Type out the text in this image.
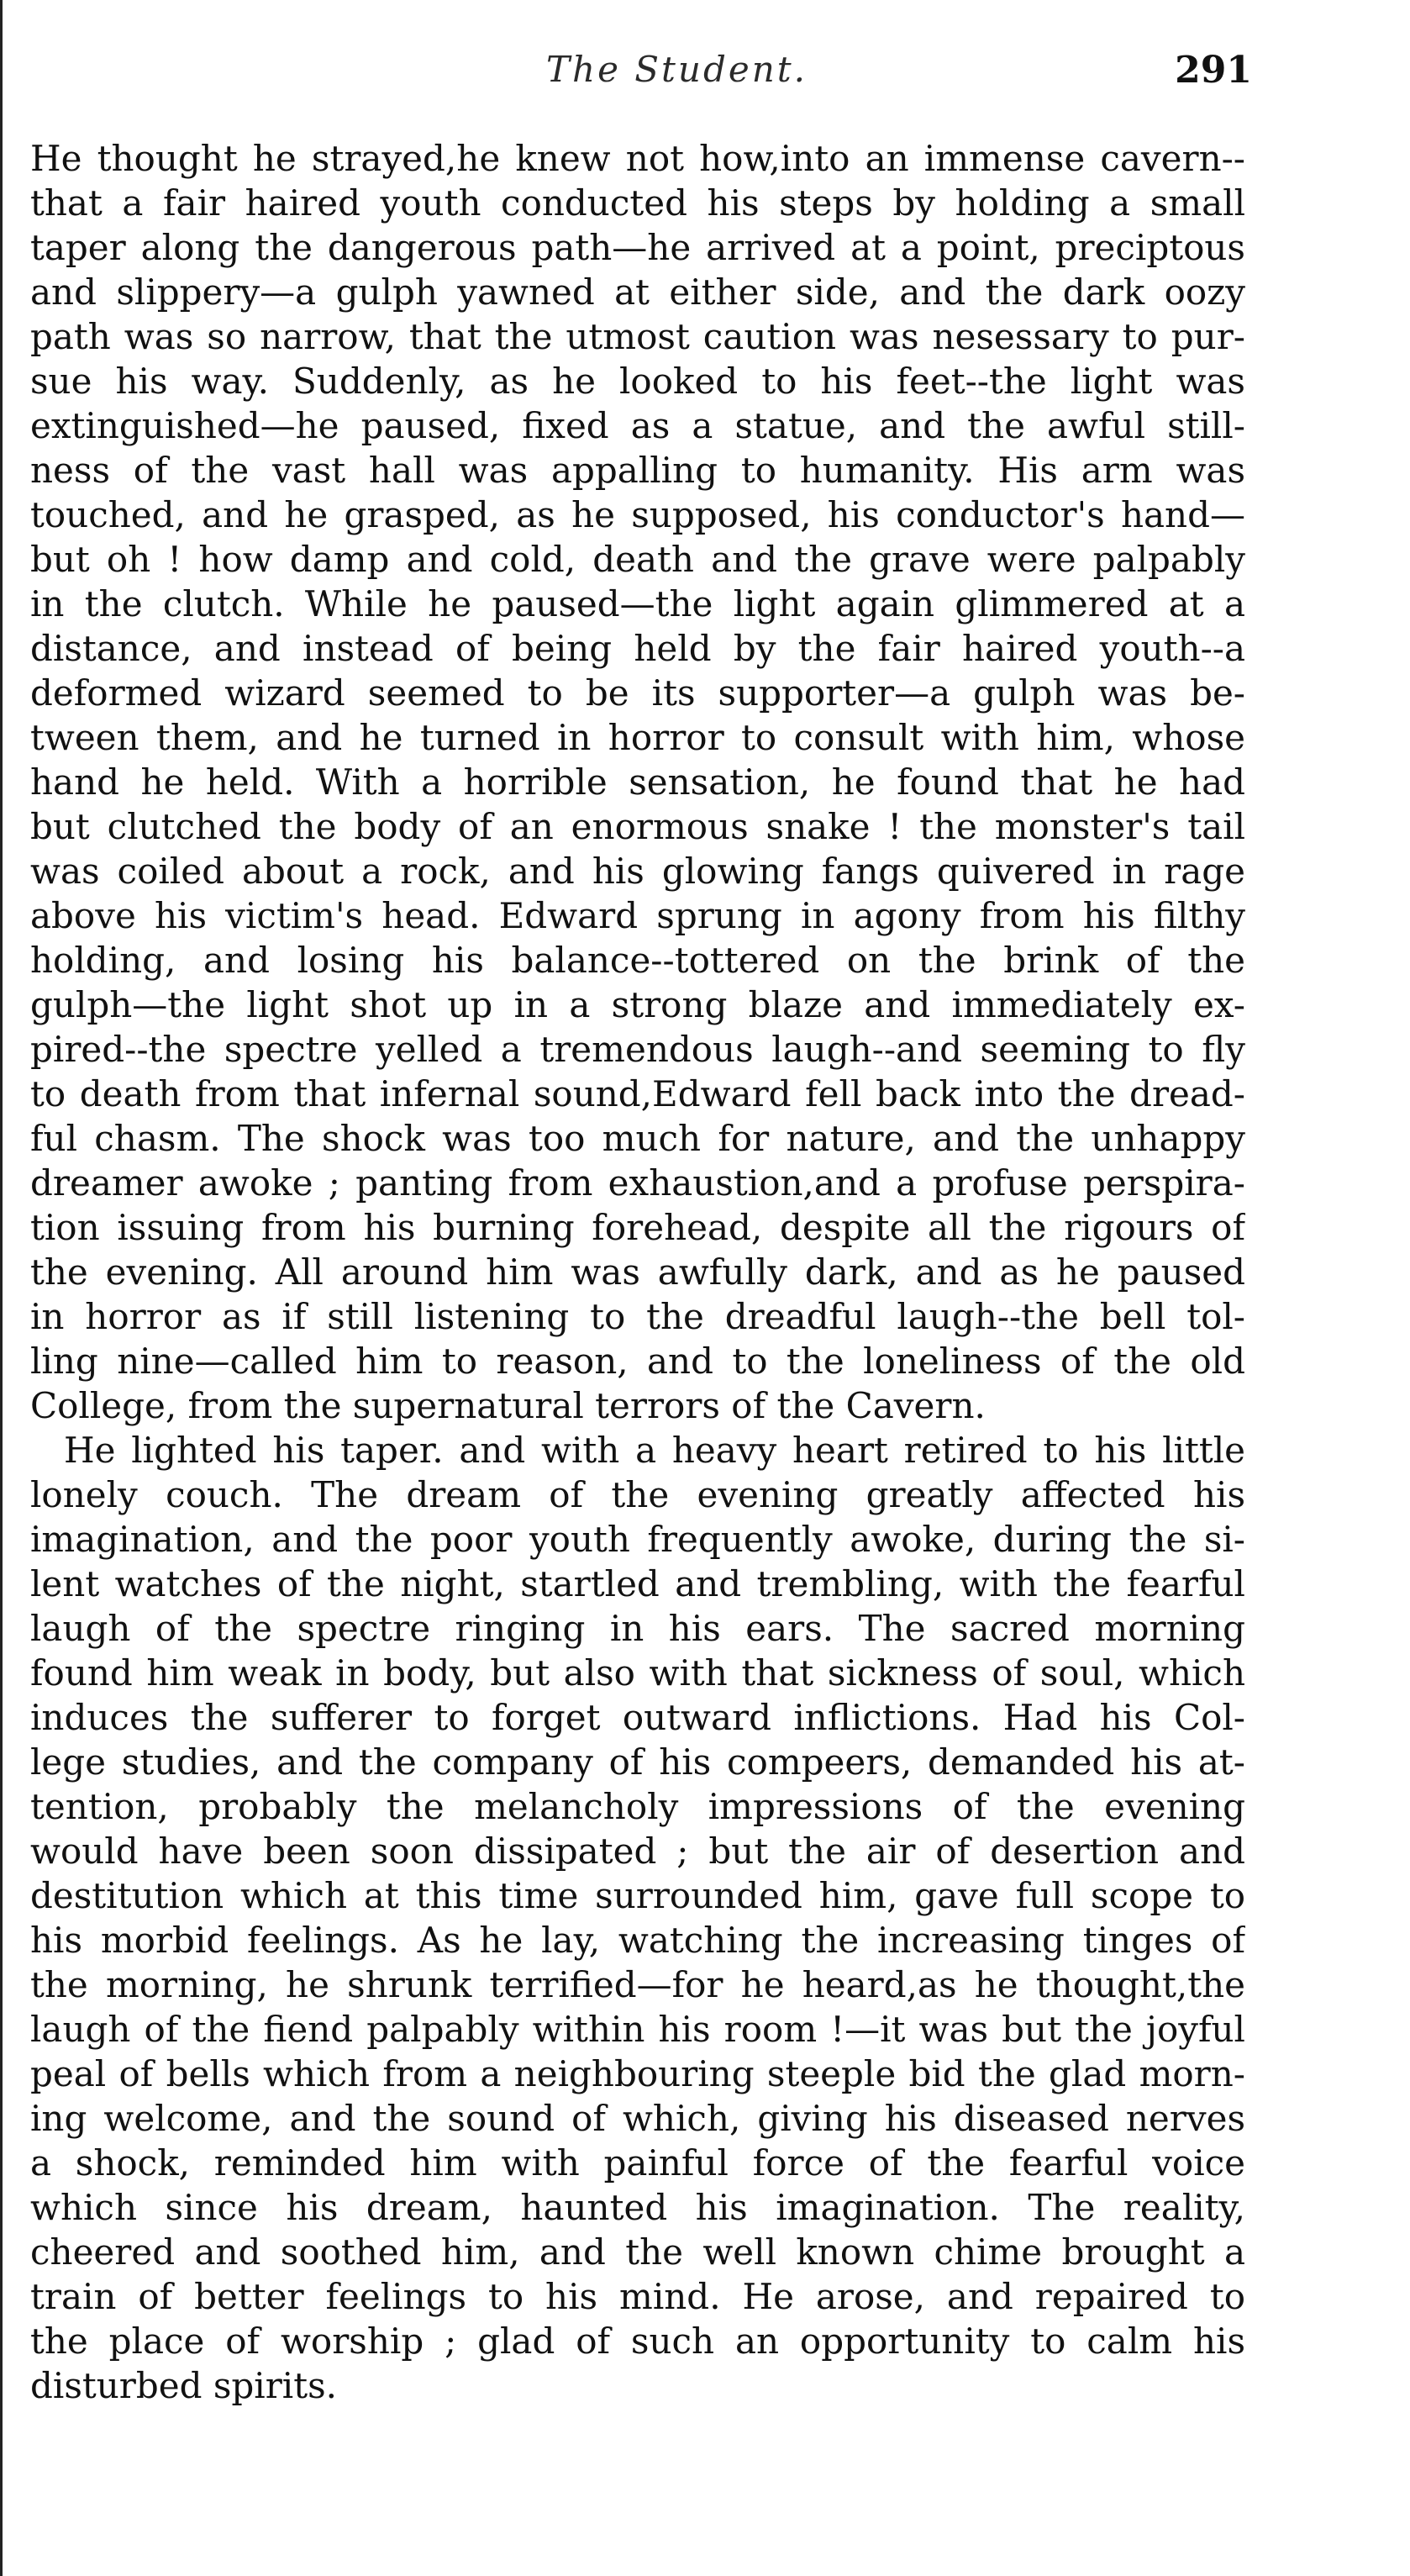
The Student.	291
He thought he strayed,he knew not how,into an immense cavern--
that a fair haired youth conducted his steps by holding a small
taper along the dangerous path—he arrived at a point, preciptous
and slippery—a gulph yawned at either side, and the dark oozy
path was so narrow, that the utmost caution was nesessary to pur-
sue his way. Suddenly, as he looked to his feet--the light was
extinguished—he paused, fixed as a statue, and the awful still-
ness of the vast hall was appalling to humanity. His arm was
touched, and he grasped, as he supposed, his conductor's hand—
but oh ! how damp and cold, death and the grave were palpably
in the clutch. While he paused—the light again glimmered at a
distance, and instead of being held by the fair haired youth--a
deformed wizard seemed to be its supporter—a gulph was be-
tween them, and he turned in horror to consult with him, whose
hand he held. With a horrible sensation, he found that he had
but clutched the body of an enormous snake ! the monster's tail
was coiled about a rock, and his glowing fangs quivered in rage
above his victim's head. Edward sprung in agony from his filthy
holding, and losing his balance--tottered on the brink of the
gulph—the light shot up in a strong blaze and immediately ex-
pired--the spectre yelled a tremendous laugh--and seeming to fly
to death from that infernal sound,Edward fell back into the dread-
ful chasm. The shock was too much for nature, and the unhappy
dreamer awoke ; panting from exhaustion,and a profuse perspira-
tion issuing from his burning forehead, despite all the rigours of
the evening. All around him was awfully dark, and as he paused
in horror as if still listening to the dreadful laugh--the bell tol-
ling nine—called him to reason, and to the loneliness of the old
College, from the supernatural terrors of the Cavern.
He lighted his taper. and with a heavy heart retired to his little
lonely couch. The dream of the evening greatly affected his
imagination, and the poor youth frequently awoke, during the si-
lent watches of the night, startled and trembling, with the fearful
laugh of the spectre ringing in his ears. The sacred morning
found him weak in body, but also with that sickness of soul, which
induces the sufferer to forget outward inflictions. Had his Col-
lege studies, and the company of his compeers, demanded his at-
tention, probably the melancholy impressions of the evening
would have been soon dissipated ; but the air of desertion and
destitution which at this time surrounded him, gave full scope to
his morbid feelings. As he lay, watching the increasing tinges of
the morning, he shrunk terrified—for he heard,as he thought,the
laugh of the fiend palpably within his room !—it was but the joyful
peal of bells which from a neighbouring steeple bid the glad morn-
ing welcome, and the sound of which, giving his diseased nerves
a shock, reminded him with painful force of the fearful voice
which since his dream, haunted his imagination. The reality,
cheered and soothed him, and the well known chime brought a
train of better feelings to his mind. He arose, and repaired to
the place of worship ; glad of such an opportunity to calm his
disturbed spirits.
